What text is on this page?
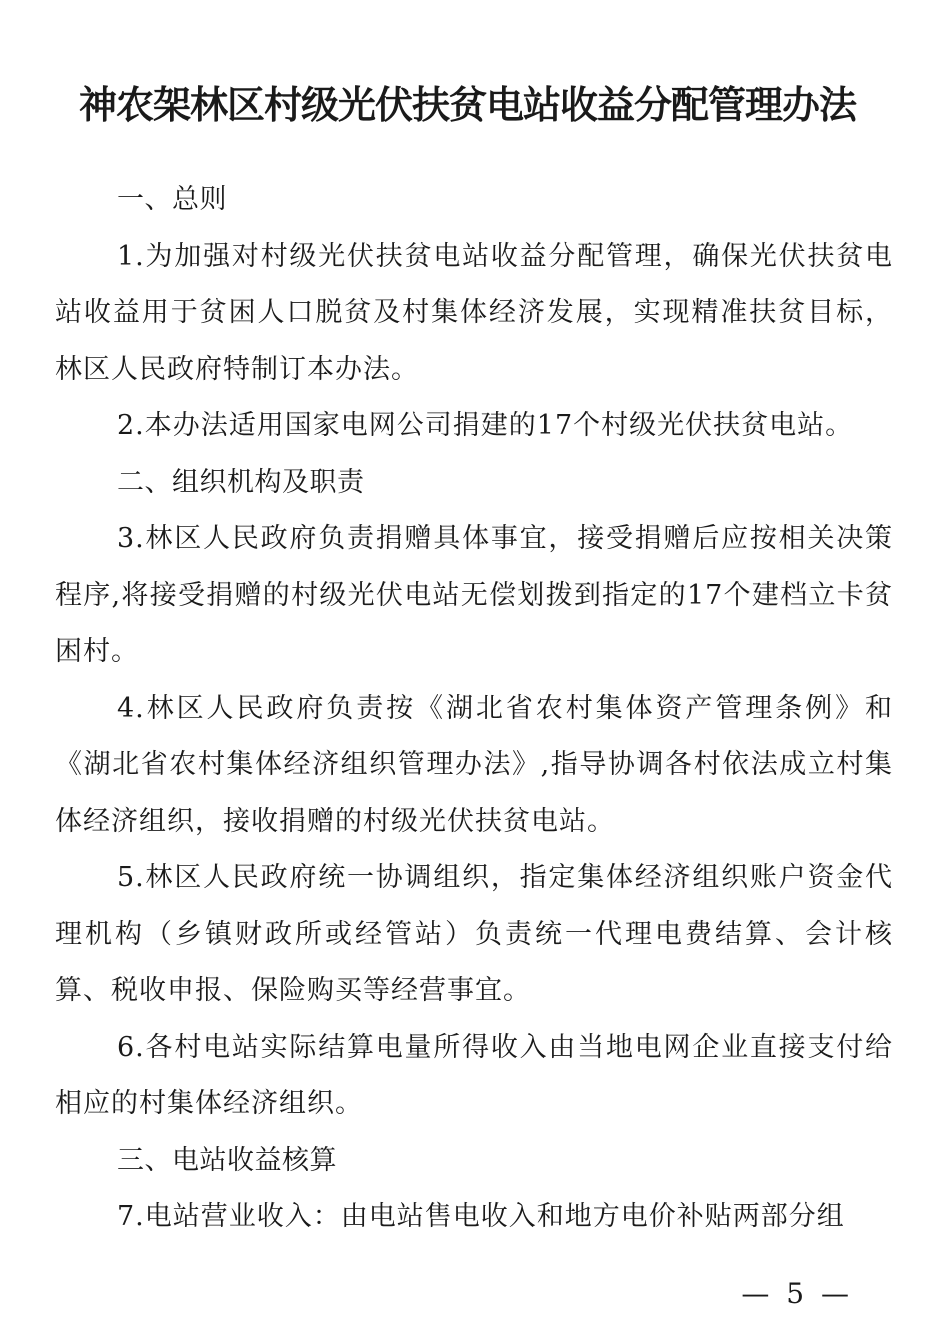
神农架林区村级光伏扶贫电站收益分配管理办法

一、总则

1.为加强对村级光伏扶贫电站收益分配管理，确保光伏扶贫电站收益用于贫困人口脱贫及村集体经济发展，实现精准扶贫目标，林区人民政府特制订本办法。

2.本办法适用国家电网公司捐建的17个村级光伏扶贫电站。

二、组织机构及职责

3.林区人民政府负责捐赠具体事宜，接受捐赠后应按相关决策程序,将接受捐赠的村级光伏电站无偿划拨到指定的17个建档立卡贫困村。

4.林区人民政府负责按《湖北省农村集体资产管理条例》和《湖北省农村集体经济组织管理办法》,指导协调各村依法成立村集体经济组织，接收捐赠的村级光伏扶贫电站。

5.林区人民政府统一协调组织，指定集体经济组织账户资金代理机构（乡镇财政所或经管站）负责统一代理电费结算、会计核算、税收申报、保险购买等经营事宜。

6.各村电站实际结算电量所得收入由当地电网企业直接支付给相应的村集体经济组织。

三、电站收益核算

7.电站营业收入：由电站售电收入和地方电价补贴两部分组

— 5 —
